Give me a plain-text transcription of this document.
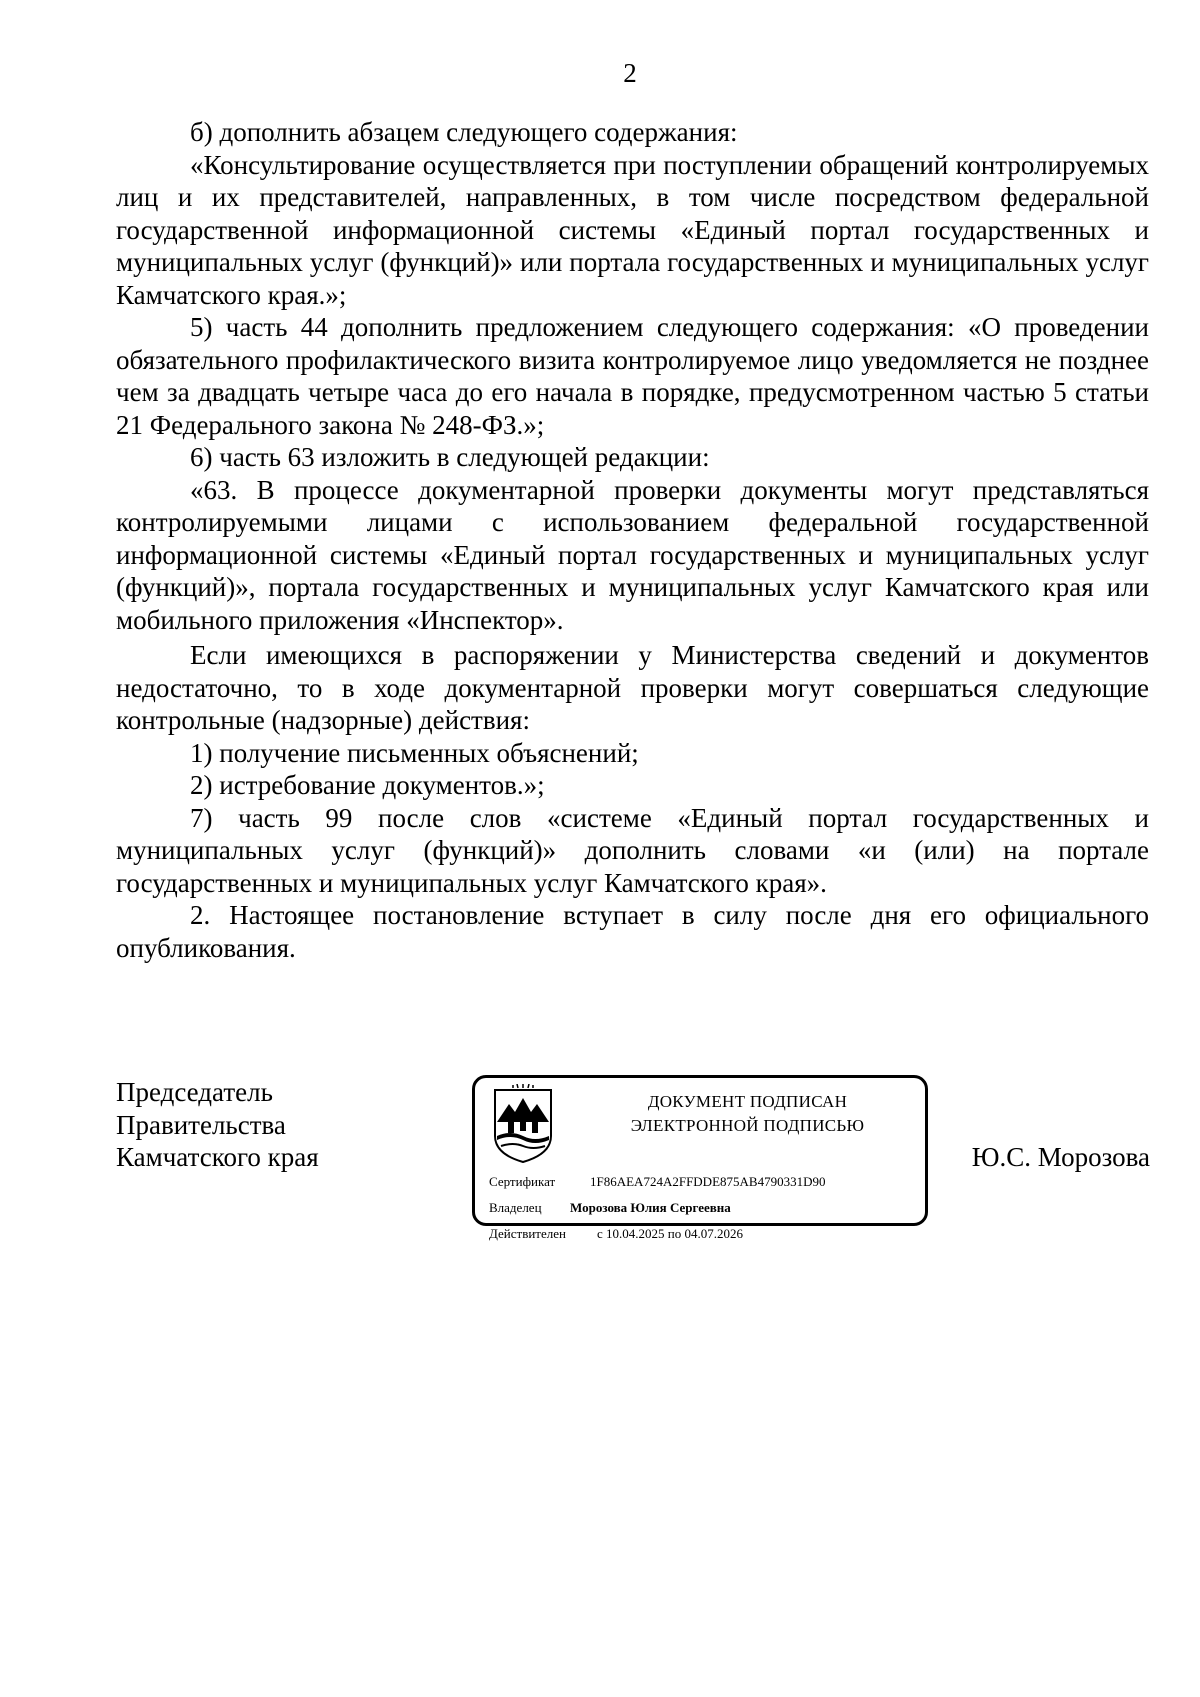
2

б) дополнить абзацем следующего содержания:

«Консультирование осуществляется при поступлении обращений контролируемых лиц и их представителей, направленных, в том числе посредством федеральной государственной информационной системы «Единый портал государственных и муниципальных услуг (функций)» или портала государственных и муниципальных услуг Камчатского края.»;

5) часть 44 дополнить предложением следующего содержания: «О проведении обязательного профилактического визита контролируемое лицо уведомляется не позднее чем за двадцать четыре часа до его начала в порядке, предусмотренном частью 5 статьи 21 Федерального закона № 248-ФЗ.»;

6) часть 63 изложить в следующей редакции:

«63. В процессе документарной проверки документы могут представляться контролируемыми лицами с использованием федеральной государственной информационной системы «Единый портал государственных и муниципальных услуг (функций)», портала государственных и муниципальных услуг Камчатского края или мобильного приложения «Инспектор».

Если имеющихся в распоряжении у Министерства сведений и документов недостаточно, то в ходе документарной проверки могут совершаться следующие контрольные (надзорные) действия:

1) получение письменных объяснений;

2) истребование документов.»;

7) часть 99 после слов «системе «Единый портал государственных и муниципальных услуг (функций)» дополнить словами «и (или) на портале государственных и муниципальных услуг Камчатского края».

2. Настоящее постановление вступает в силу после дня его официального опубликования.

Председатель
Правительства
Камчатского края
ДОКУМЕНТ ПОДПИСАН
ЭЛЕКТРОННОЙ ПОДПИСЬЮ
Сертификат	1F86AEA724A2FFDDE875AB4790331D90
Владелец Морозова Юлия Сергеевна
Действителен с 10.04.2025 по 04.07.2026
Ю.С. Морозова
